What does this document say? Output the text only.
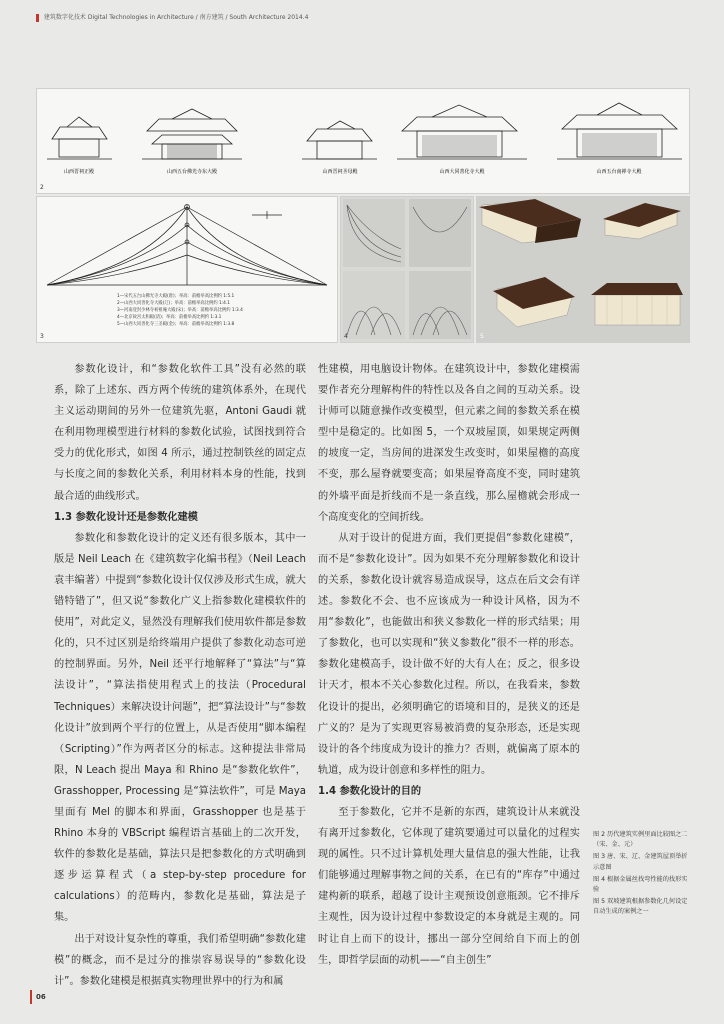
建筑数字化技术 Digital Technologies in Architecture / 南方建筑 / South Architecture 2014.4
山西晋祠正殿	山西五台佛光寺东大殿	山西晋祠圣母殿	山西大同善化寺大殿	山西五台南禅寺大殿
2
1—宋代五台山佛光寺大殿(唐)；举高：前檐举高比例约 1:5.1
2—山西大同善化寺大殿(辽)；举高：前檐举高比例约 1:4.1
3—河南登封少林寺初祖庵大殿(宋)；举高：前檐举高比例约 1:3.4
4—北京故宫太和殿(清)；举高：前檐举高比例约 1:3.1
5—山西大同善化寺三圣殿(金)；举高：前檐举高比例约 1:3.8
3	4	5

参数化设计，和“参数化软件工具”没有必然的联系，除了上述东、西方两个传统的建筑体系外，在现代主义运动期间的另外一位建筑先驱，Antoni Gaudi 就在利用物理模型进行材料的参数化试验，试图找到符合受力的优化形式，如图 4 所示，通过控制铁丝的固定点与长度之间的参数化关系，利用材料本身的性能，找到最合适的曲线形式。

1.3 参数化设计还是参数化建模

参数化和参数化设计的定义还有很多版本，其中一版是 Neil Leach 在《建筑数字化编书程》（Neil Leach 袁丰编著）中提到“参数化设计仅仅涉及形式生成，就大错特错了”，但又说“参数化广义上指参数化建模软件的使用”，对此定义，显然没有理解我们使用软件都是参数化的，只不过区别是给终端用户提供了参数化动态可逆的控制界面。另外，Neil 还平行地解释了“算法”与“算法设计”，“算法指使用程式上的技法（Procedural Techniques）来解决设计问题”，把“算法设计”与“参数化设计”放到两个平行的位置上，从是否使用“脚本编程（Scripting）”作为两者区分的标志。这种提法非常局限，N Leach 提出 Maya 和 Rhino 是“参数化软件”，Grasshopper, Processing 是“算法软件”，可是 Maya 里面有 Mel 的脚本和界面，Grasshopper 也是基于 Rhino 本身的 VBScript 编程语言基础上的二次开发，软件的参数化是基础，算法只是把参数化的方式明确到逐步运算程式（a step-by-step procedure for calculations）的范畴内，参数化是基础，算法是子集。

出于对设计复杂性的尊重，我们希望明确“参数化建模”的概念，而不是过分的推崇容易误导的“参数化设计”。参数化建模是根据真实物理世界中的行为和属

性建模，用电脑设计物体。在建筑设计中，参数化建模需要作者充分理解构件的特性以及各自之间的互动关系。设计师可以随意操作改变模型，但元素之间的参数关系在模型中是稳定的。比如图 5，一个双坡屋顶，如果规定两侧的坡度一定，当房间的进深发生改变时，如果屋檐的高度不变，那么屋脊就要变高；如果屋脊高度不变，同时建筑的外墙平面是折线而不是一条直线，那么屋檐就会形成一个高度变化的空间折线。

从对于设计的促进方面，我们更提倡“参数化建模”，而不是“参数化设计”。因为如果不充分理解参数化和设计的关系，参数化设计就容易造成误导，这点在后文会有详述。参数化不会、也不应该成为一种设计风格，因为不用“参数化”，也能做出和狭义参数化一样的形式结果；用了参数化，也可以实现和“狭义参数化”很不一样的形态。参数化建模高手，设计做不好的大有人在；反之，很多设计天才，根本不关心参数化过程。所以，在我看来，参数化设计的提出，必须明确它的语境和目的，是狭义的还是广义的？是为了实现更容易被消费的复杂形态，还是实现设计的各个纬度成为设计的推力？否则，就偏离了原本的轨道，成为设计创意和多样性的阻力。

1.4 参数化设计的目的

至于参数化，它并不是新的东西，建筑设计从来就没有离开过参数化，它体现了建筑要通过可以量化的过程实现的属性。只不过计算机处理大量信息的强大性能，让我们能够通过理解事物之间的关系，在已有的“库存”中通过建构新的联系，超越了设计主观预设创意瓶颈。它不排斥主观性，因为设计过程中参数设定的本身就是主观的。同时让自上而下的设计，挪出一部分空间给自下而上的创生，即哲学层面的动机——“自主创生”

图 2 历代建筑实例里面比较图之二（宋、金、元）
图 3 唐、宋、辽、金建筑屋顶举折示意图
图 4 根据金属丝找弯性能的找形实验
图 5 双坡建筑根据参数化几何设定自动生成的案例之一
06
